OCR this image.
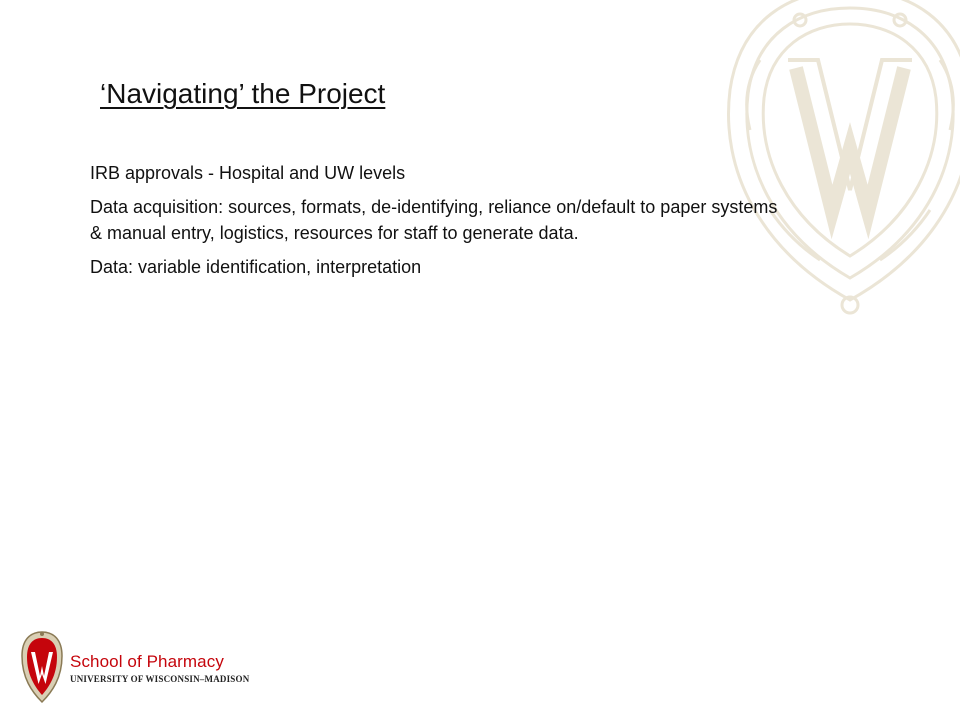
‘Navigating’ the Project
IRB approvals - Hospital and UW levels
Data acquisition: sources, formats, de-identifying, reliance on/default to paper systems & manual entry, logistics, resources for staff to generate data.
Data: variable identification, interpretation
School of Pharmacy
UNIVERSITY OF WISCONSIN–MADISON
